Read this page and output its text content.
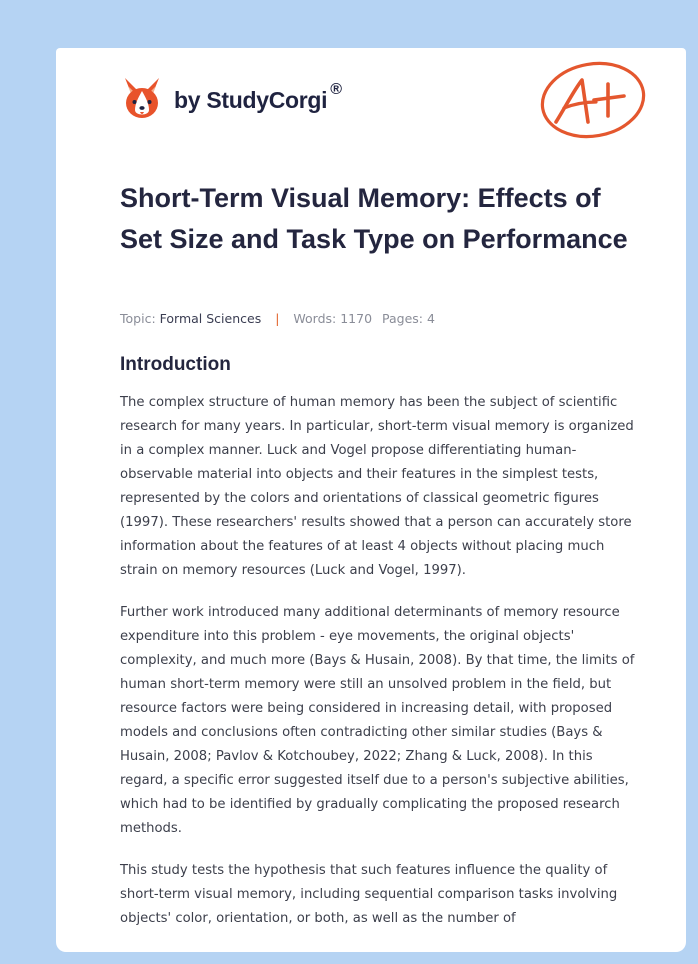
by StudyCorgi ®
Short-Term Visual Memory: Effects of Set Size and Task Type on Performance
Topic: Formal Sciences | Words: 1170 Pages: 4
Introduction

The complex structure of human memory has been the subject of scientific research for many years. In particular, short-term visual memory is organized in a complex manner. Luck and Vogel propose differentiating human-observable material into objects and their features in the simplest tests, represented by the colors and orientations of classical geometric figures (1997). These researchers' results showed that a person can accurately store information about the features of at least 4 objects without placing much strain on memory resources (Luck and Vogel, 1997).

Further work introduced many additional determinants of memory resource expenditure into this problem - eye movements, the original objects' complexity, and much more (Bays & Husain, 2008). By that time, the limits of human short-term memory were still an unsolved problem in the field, but resource factors were being considered in increasing detail, with proposed models and conclusions often contradicting other similar studies (Bays & Husain, 2008; Pavlov & Kotchoubey, 2022; Zhang & Luck, 2008). In this regard, a specific error suggested itself due to a person's subjective abilities, which had to be identified by gradually complicating the proposed research methods.

This study tests the hypothesis that such features influence the quality of short-term visual memory, including sequential comparison tasks involving objects' color, orientation, or both, as well as the number of
